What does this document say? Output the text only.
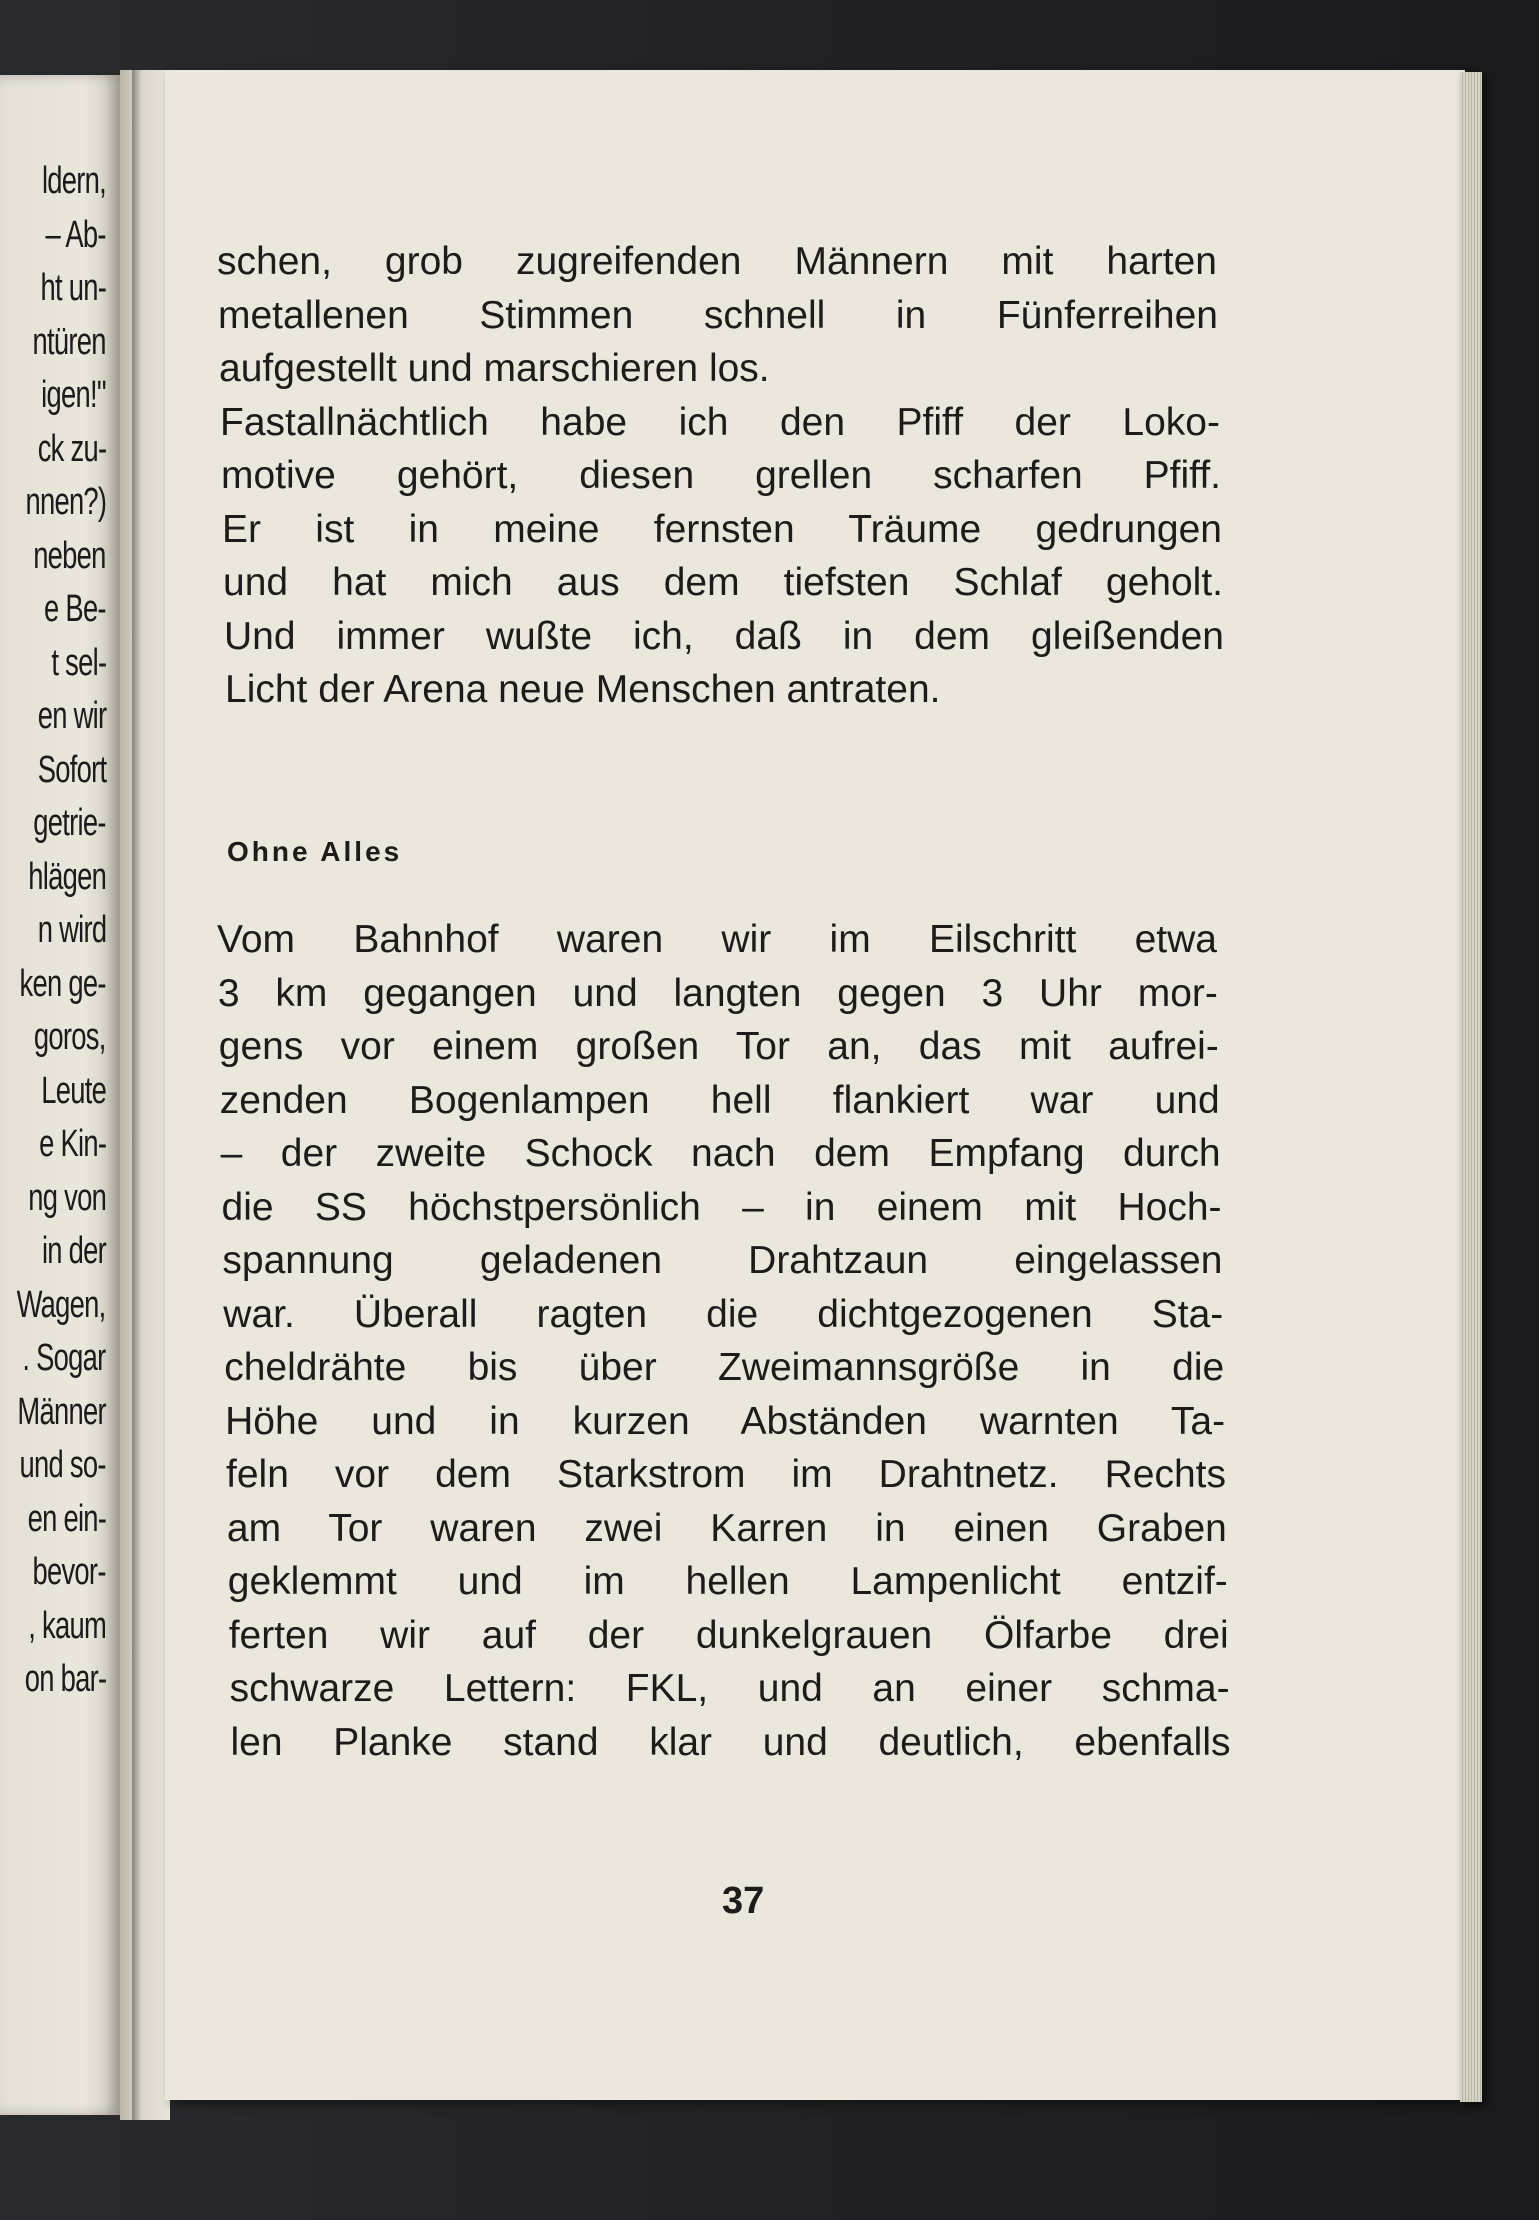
ldern,
– Ab-
ht un-
ntüren
igen!"
ck zu-
nnen?)
neben
e Be-
t sel-
en wir
Sofort
getrie-
hlägen
n wird
ken ge-
goros,
Leute
e Kin-
ng von
in der
Wagen,
. Sogar
Männer
und so-
en ein-
bevor-
, kaum
on bar-
schen, grob zugreifenden Männern mit harten
metallenen Stimmen schnell in Fünferreihen
aufgestellt und marschieren los.
Fastallnächtlich habe ich den Pfiff der Loko-
motive gehört, diesen grellen scharfen Pfiff.
Er ist in meine fernsten Träume gedrungen
und hat mich aus dem tiefsten Schlaf geholt.
Und immer wußte ich, daß in dem gleißenden
Licht der Arena neue Menschen antraten.
Ohne Alles
Vom Bahnhof waren wir im Eilschritt etwa
3 km gegangen und langten gegen 3 Uhr mor-
gens vor einem großen Tor an, das mit aufrei-
zenden Bogenlampen hell flankiert war und
– der zweite Schock nach dem Empfang durch
die SS höchstpersönlich – in einem mit Hoch-
spannung geladenen Drahtzaun eingelassen
war. Überall ragten die dichtgezogenen Sta-
cheldrähte bis über Zweimannsgröße in die
Höhe und in kurzen Abständen warnten Ta-
feln vor dem Starkstrom im Drahtnetz. Rechts
am Tor waren zwei Karren in einen Graben
geklemmt und im hellen Lampenlicht entzif-
ferten wir auf der dunkelgrauen Ölfarbe drei
schwarze Lettern: FKL, und an einer schma-
len Planke stand klar und deutlich, ebenfalls
37
